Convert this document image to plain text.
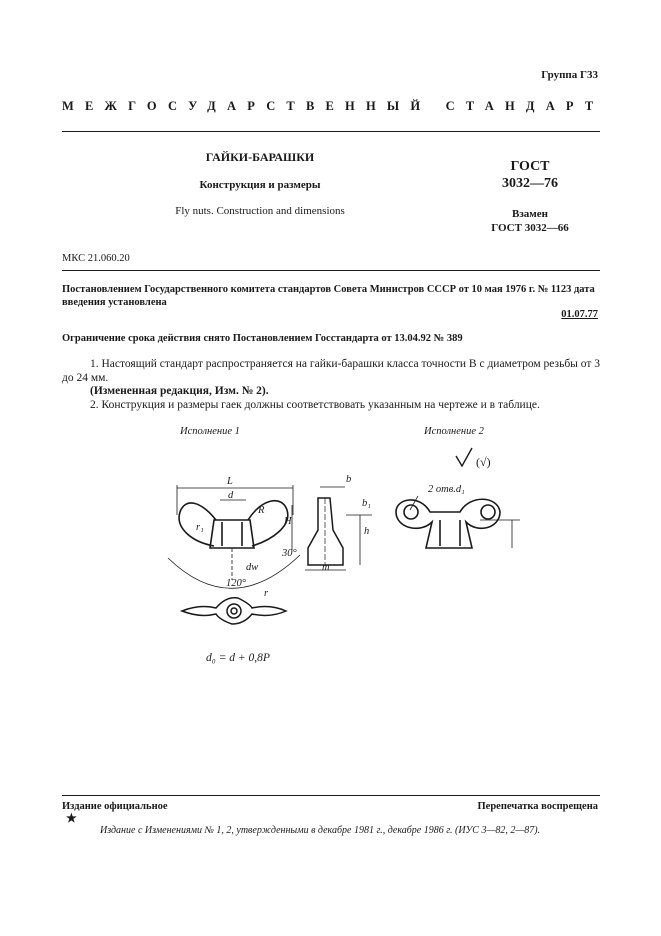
Группа Г33
МЕЖГОСУДАРСТВЕННЫЙ СТАНДАРТ
ГАЙКИ-БАРАШКИ
Конструкция и размеры
Fly nuts. Construction and dimensions
ГОСТ
3032—76
Взамен
ГОСТ 3032—66
МКС 21.060.20
Постановлением Государственного комитета стандартов Совета Министров СССР от 10 мая 1976 г. № 1123 дата введения установлена
01.07.77
Ограничение срока действия снято Постановлением Госстандарта от 13.04.92 № 389
1. Настоящий стандарт распространяется на гайки-барашки класса точности В с диаметром резьбы от 3 до 24 мм.
(Измененная редакция, Изм. № 2).
2. Конструкция и размеры гаек должны соответствовать указанным на чертеже и в таблице.
Исполнение 1	Исполнение 2
L
d
R
r₁
H
b
b₁
h
m
120°
dw
30°
2 отв.d₁
r
(√)
d₀ = d + 0,8P
Издание официальное	Перепечатка воспрещена
★
Издание с Изменениями № 1, 2, утвержденными в декабре 1981 г., декабре 1986 г. (ИУС 3—82, 2—87).
